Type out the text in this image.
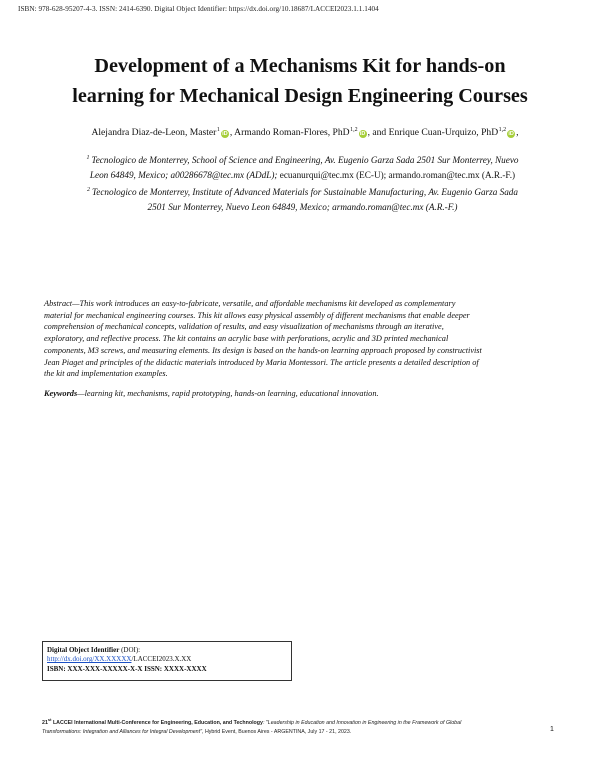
ISBN: 978-628-95207-4-3. ISSN: 2414-6390. Digital Object Identifier: https://dx.doi.org/10.18687/LACCEI2023.1.1.1404
Development of a Mechanisms Kit for hands-on
learning for Mechanical Design Engineering Courses
Alejandra Diaz-de-Leon, Master$^1$iD , Armando Roman-Flores, PhD$^{1,2}$iD , and Enrique Cuan-Urquizo, PhD$^{1,2}$iD ,
$^1$ Tecnologico de Monterrey, School of Science and Engineering, Av. Eugenio Garza Sada 2501 Sur Monterrey, Nuevo
Leon 64849, Mexico; a00286678@tec.mx (ADdL); ecuanurqui@tec.mx (EC-U); armando.roman@tec.mx (A.R.-F.)
$^2$ Tecnologico de Monterrey, Institute of Advanced Materials for Sustainable Manufacturing, Av. Eugenio Garza Sada
2501 Sur Monterrey, Nuevo Leon 64849, Mexico; armando.roman@tec.mx (A.R.-F.)
Abstract—This work introduces an easy-to-fabricate, versatile, and affordable mechanisms kit developed as complementary
material for mechanical engineering courses. This kit allows easy physical assembly of different mechanisms that enable deeper
comprehension of mechanical concepts, validation of results, and easy visualization of mechanisms through an iterative,
exploratory, and reflective process. The kit contains an acrylic base with perforations, acrylic and 3D printed mechanical
components, M3 screws, and measuring elements. Its design is based on the hands-on learning approach proposed by constructivist
Jean Piaget and principles of the didactic materials introduced by Maria Montessori. The article presents a detailed description of
the kit and implementation examples.
Keywords—learning kit, mechanisms, rapid prototyping, hands-on learning, educational innovation.
Digital Object Identifier (DOI):
http://dx.doi.org/XX.XXXXX/LACCEI2023.X.XX
ISBN: XXX-XXX-XXXXX-X-X ISSN: XXXX-XXXX
21st LACCEI International Multi-Conference for Engineering, Education, and Technology: "Leadership in Education and Innovation in Engineering in the Framework of Global
Transformations: Integration and Alliances for Integral Development", Hybrid Event, Buenos Aires - ARGENTINA, July 17 - 21, 2023.	1
